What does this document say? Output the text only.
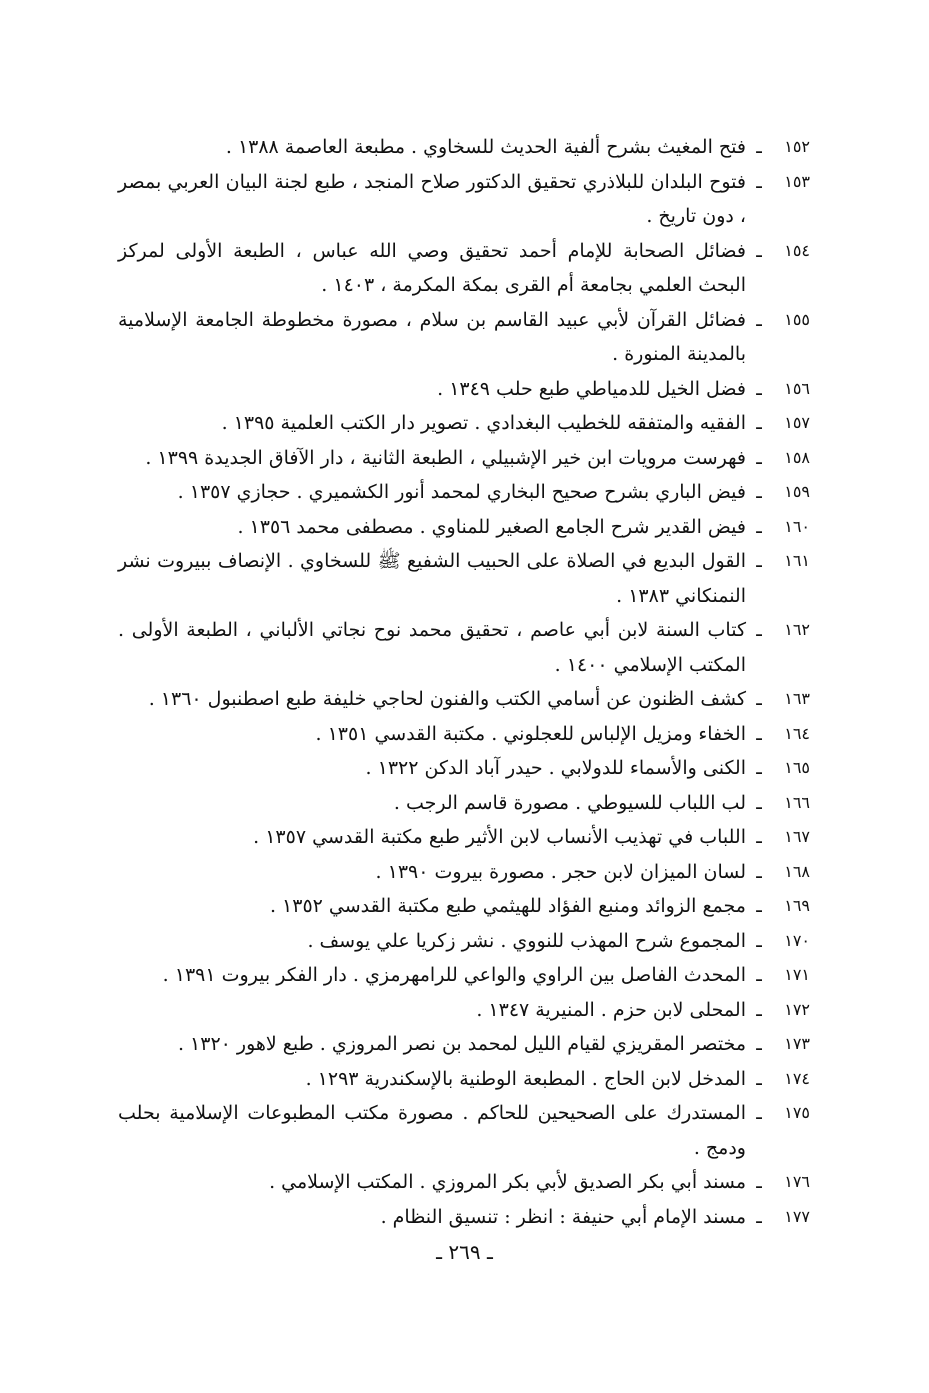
١٥٢
ـ
فتح المغيث بشرح ألفية الحديث للسخاوي . مطبعة العاصمة ١٣٨٨ .
١٥٣
ـ
فتوح البلدان للبلاذري تحقيق الدكتور صلاح المنجد ، طبع لجنة البيان العربي بمصر ، دون تاريخ .
١٥٤
ـ
فضائل الصحابة للإمام أحمد تحقيق وصي الله عباس ، الطبعة الأولى لمركز البحث العلمي بجامعة أم القرى بمكة المكرمة ، ١٤٠٣ .
١٥٥
ـ
فضائل القرآن لأبي عبيد القاسم بن سلام ، مصورة مخطوطة الجامعة الإسلامية بالمدينة المنورة .
١٥٦
ـ
فضل الخيل للدمياطي طبع حلب ١٣٤٩ .
١٥٧
ـ
الفقيه والمتفقه للخطيب البغدادي . تصوير دار الكتب العلمية ١٣٩٥ .
١٥٨
ـ
فهرست مرويات ابن خير الإشبيلي ، الطبعة الثانية ، دار الآفاق الجديدة ١٣٩٩ .
١٥٩
ـ
فيض الباري بشرح صحيح البخاري لمحمد أنور الكشميري . حجازي ١٣٥٧ .
١٦٠
ـ
فيض القدير شرح الجامع الصغير للمناوي . مصطفى محمد ١٣٥٦ .
١٦١
ـ
القول البديع في الصلاة على الحبيب الشفيع ﷺ للسخاوي . الإنصاف ببيروت نشر النمنكاني ١٣٨٣ .
١٦٢
ـ
كتاب السنة لابن أبي عاصم ، تحقيق محمد نوح نجاتي الألباني ، الطبعة الأولى . المكتب الإسلامي ١٤٠٠ .
١٦٣
ـ
كشف الظنون عن أسامي الكتب والفنون لحاجي خليفة طبع اصطنبول ١٣٦٠ .
١٦٤
ـ
الخفاء ومزيل الإلباس للعجلوني . مكتبة القدسي ١٣٥١ .
١٦٥
ـ
الكنى والأسماء للدولابي . حيدر آباد الدكن ١٣٢٢ .
١٦٦
ـ
لب اللباب للسيوطي . مصورة قاسم الرجب .
١٦٧
ـ
اللباب في تهذيب الأنساب لابن الأثير طبع مكتبة القدسي ١٣٥٧ .
١٦٨
ـ
لسان الميزان لابن حجر . مصورة بيروت ١٣٩٠ .
١٦٩
ـ
مجمع الزوائد ومنبع الفؤاد للهيثمي طبع مكتبة القدسي ١٣٥٢ .
١٧٠
ـ
المجموع شرح المهذب للنووي . نشر زكريا علي يوسف .
١٧١
ـ
المحدث الفاصل بين الراوي والواعي للرامهرمزي . دار الفكر بيروت ١٣٩١ .
١٧٢
ـ
المحلى لابن حزم . المنيرية ١٣٤٧ .
١٧٣
ـ
مختصر المقريزي لقيام الليل لمحمد بن نصر المروزي . طبع لاهور ١٣٢٠ .
١٧٤
ـ
المدخل لابن الحاج . المطبعة الوطنية بالإسكندرية ١٢٩٣ .
١٧٥
ـ
المستدرك على الصحيحين للحاكم . مصورة مكتب المطبوعات الإسلامية بحلب ودمج .
١٧٦
ـ
مسند أبي بكر الصديق لأبي بكر المروزي . المكتب الإسلامي .
١٧٧
ـ
مسند الإمام أبي حنيفة : انظر : تنسيق النظام .
ـ ٢٦٩ ـ
